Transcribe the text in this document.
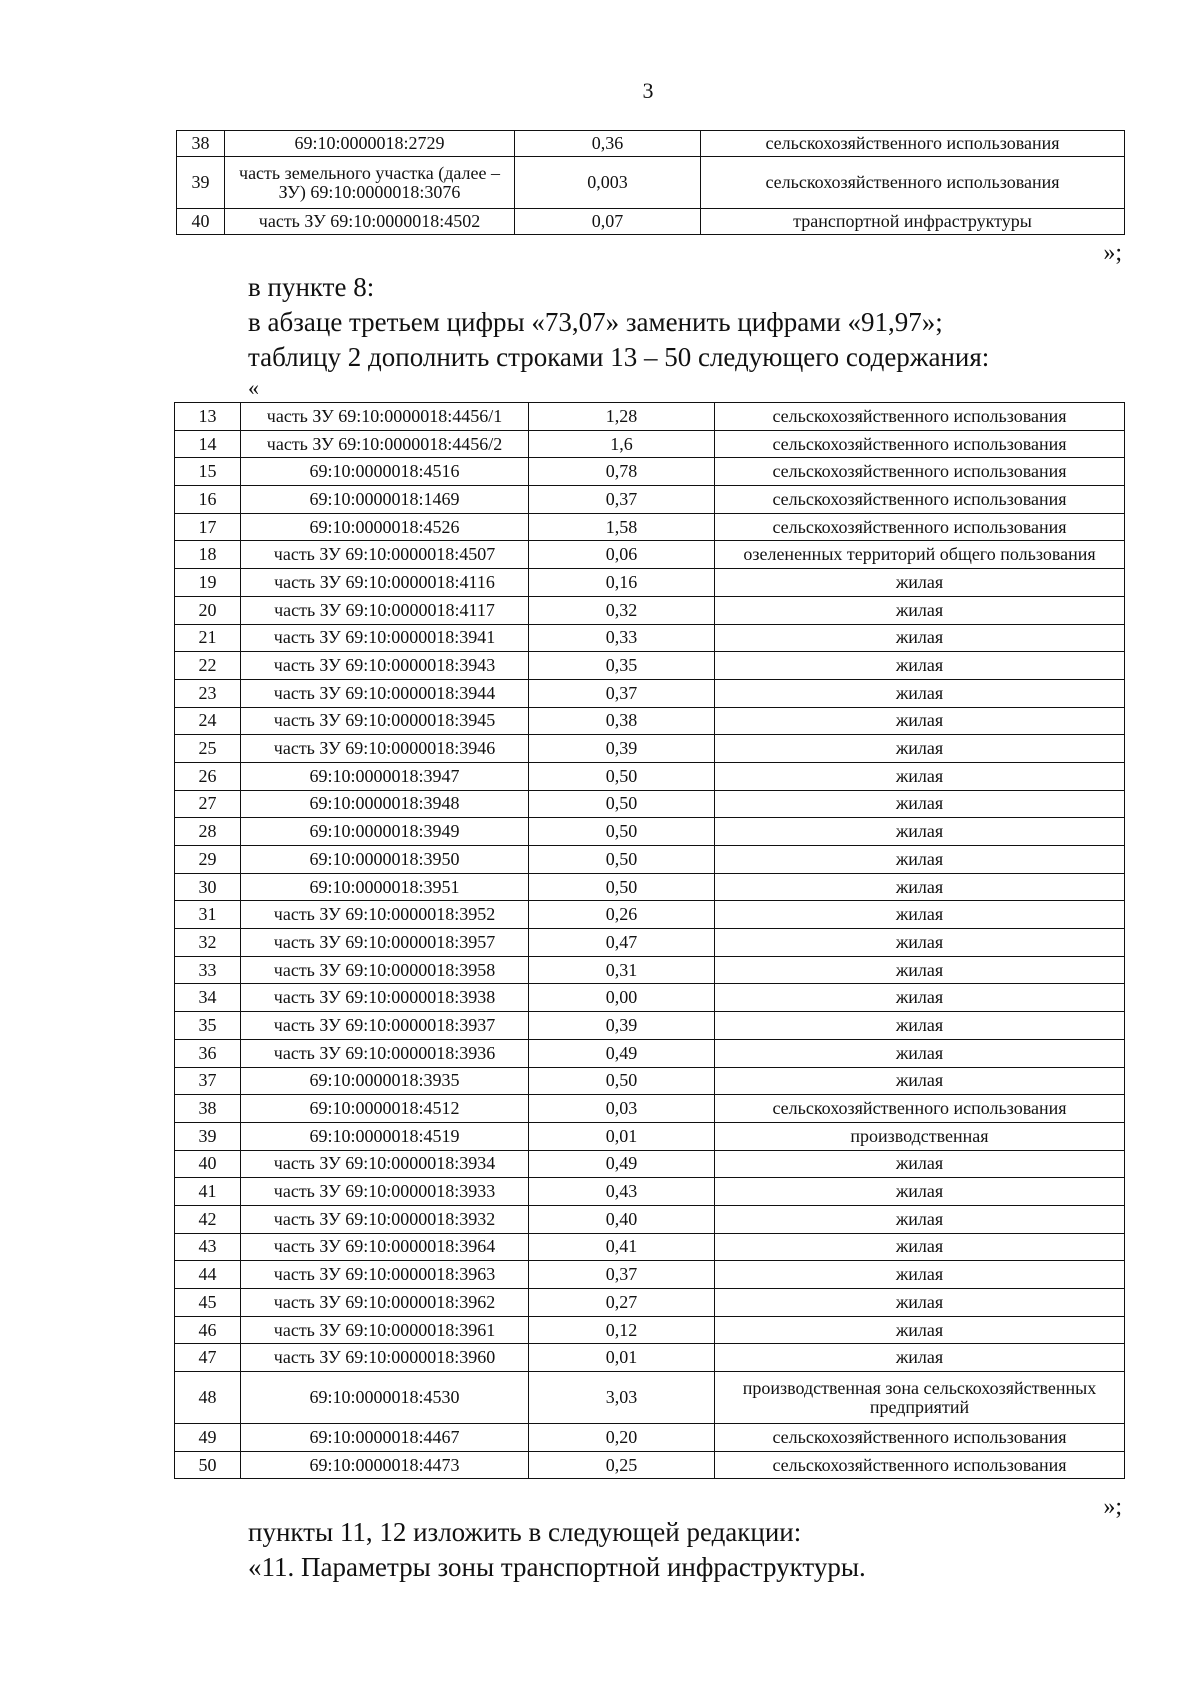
3
38	69:10:0000018:2729	0,36	сельскохозяйственного использования
39	часть земельного участка (далее – ЗУ) 69:10:0000018:3076	0,003	сельскохозяйственного использования
40	часть ЗУ 69:10:0000018:4502	0,07	транспортной инфраструктуры
»;
в пункте 8:
в абзаце третьем цифры «73,07» заменить цифрами «91,97»;
таблицу 2 дополнить строками 13 – 50 следующего содержания:
«
13	часть ЗУ 69:10:0000018:4456/1	1,28	сельскохозяйственного использования
14	часть ЗУ 69:10:0000018:4456/2	1,6	сельскохозяйственного использования
15	69:10:0000018:4516	0,78	сельскохозяйственного использования
16	69:10:0000018:1469	0,37	сельскохозяйственного использования
17	69:10:0000018:4526	1,58	сельскохозяйственного использования
18	часть ЗУ 69:10:0000018:4507	0,06	озелененных территорий общего пользования
19	часть ЗУ 69:10:0000018:4116	0,16	жилая
20	часть ЗУ 69:10:0000018:4117	0,32	жилая
21	часть ЗУ 69:10:0000018:3941	0,33	жилая
22	часть ЗУ 69:10:0000018:3943	0,35	жилая
23	часть ЗУ 69:10:0000018:3944	0,37	жилая
24	часть ЗУ 69:10:0000018:3945	0,38	жилая
25	часть ЗУ 69:10:0000018:3946	0,39	жилая
26	69:10:0000018:3947	0,50	жилая
27	69:10:0000018:3948	0,50	жилая
28	69:10:0000018:3949	0,50	жилая
29	69:10:0000018:3950	0,50	жилая
30	69:10:0000018:3951	0,50	жилая
31	часть ЗУ 69:10:0000018:3952	0,26	жилая
32	часть ЗУ 69:10:0000018:3957	0,47	жилая
33	часть ЗУ 69:10:0000018:3958	0,31	жилая
34	часть ЗУ 69:10:0000018:3938	0,00	жилая
35	часть ЗУ 69:10:0000018:3937	0,39	жилая
36	часть ЗУ 69:10:0000018:3936	0,49	жилая
37	69:10:0000018:3935	0,50	жилая
38	69:10:0000018:4512	0,03	сельскохозяйственного использования
39	69:10:0000018:4519	0,01	производственная
40	часть ЗУ 69:10:0000018:3934	0,49	жилая
41	часть ЗУ 69:10:0000018:3933	0,43	жилая
42	часть ЗУ 69:10:0000018:3932	0,40	жилая
43	часть ЗУ 69:10:0000018:3964	0,41	жилая
44	часть ЗУ 69:10:0000018:3963	0,37	жилая
45	часть ЗУ 69:10:0000018:3962	0,27	жилая
46	часть ЗУ 69:10:0000018:3961	0,12	жилая
47	часть ЗУ 69:10:0000018:3960	0,01	жилая
48	69:10:0000018:4530	3,03	производственная зона сельскохозяйственных предприятий
49	69:10:0000018:4467	0,20	сельскохозяйственного использования
50	69:10:0000018:4473	0,25	сельскохозяйственного использования
»;
пункты 11, 12 изложить в следующей редакции:
«11. Параметры зоны транспортной инфраструктуры.
